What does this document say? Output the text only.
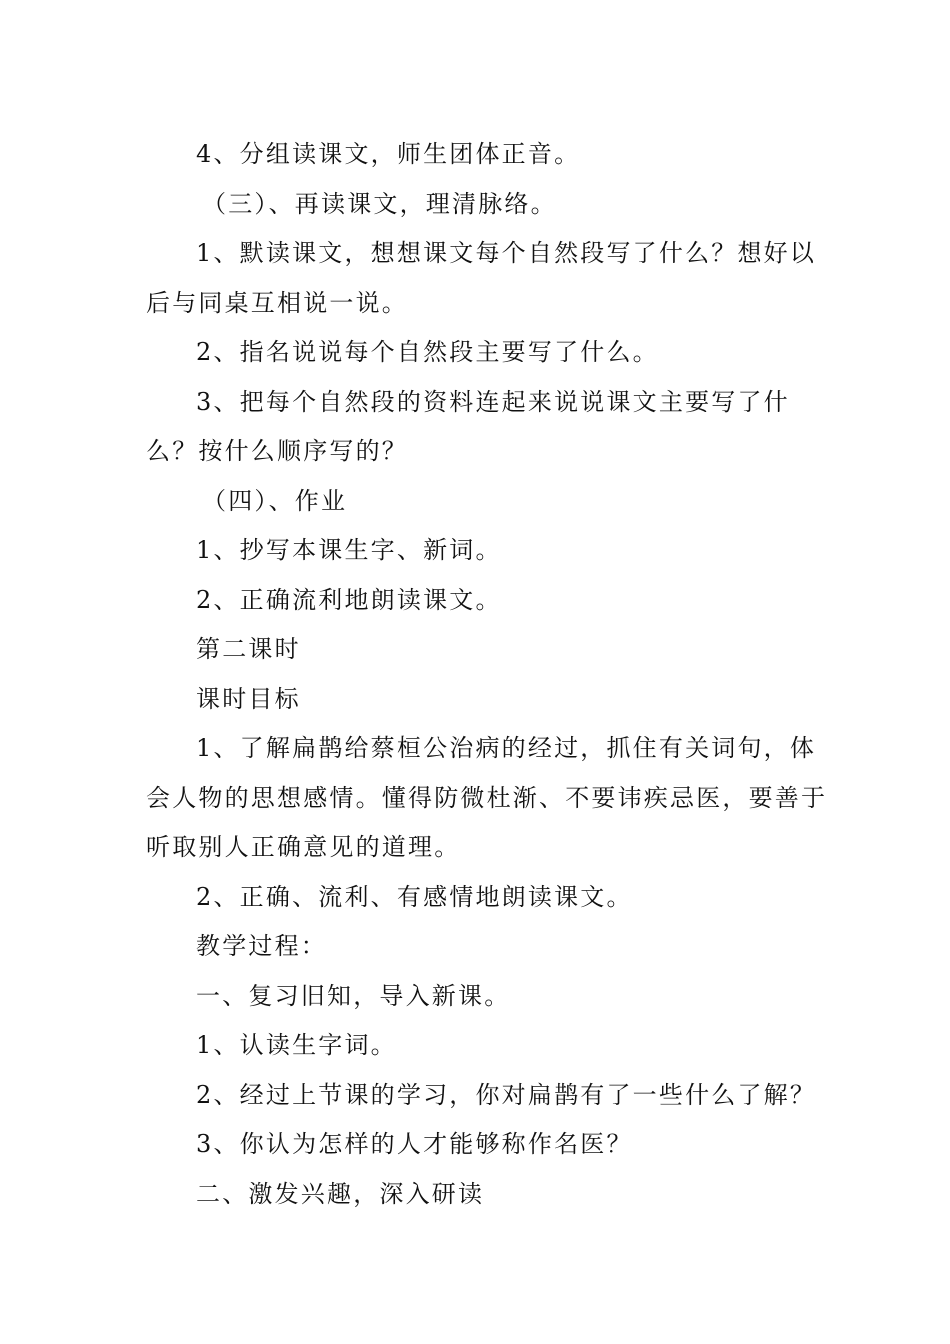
4、分组读课文，师生团体正音。

（三）、再读课文，理清脉络。

1、默读课文，想想课文每个自然段写了什么？想好以后与同桌互相说一说。

2、指名说说每个自然段主要写了什么。

3、把每个自然段的资料连起来说说课文主要写了什么？按什么顺序写的？

（四）、作业

1、抄写本课生字、新词。

2、正确流利地朗读课文。

第二课时

课时目标

1、了解扁鹊给蔡桓公治病的经过，抓住有关词句，体会人物的思想感情。懂得防微杜渐、不要讳疾忌医，要善于听取别人正确意见的道理。

2、正确、流利、有感情地朗读课文。

教学过程：

一、复习旧知，导入新课。

1、认读生字词。

2、经过上节课的学习，你对扁鹊有了一些什么了解？

3、你认为怎样的人才能够称作名医？

二、激发兴趣，深入研读
